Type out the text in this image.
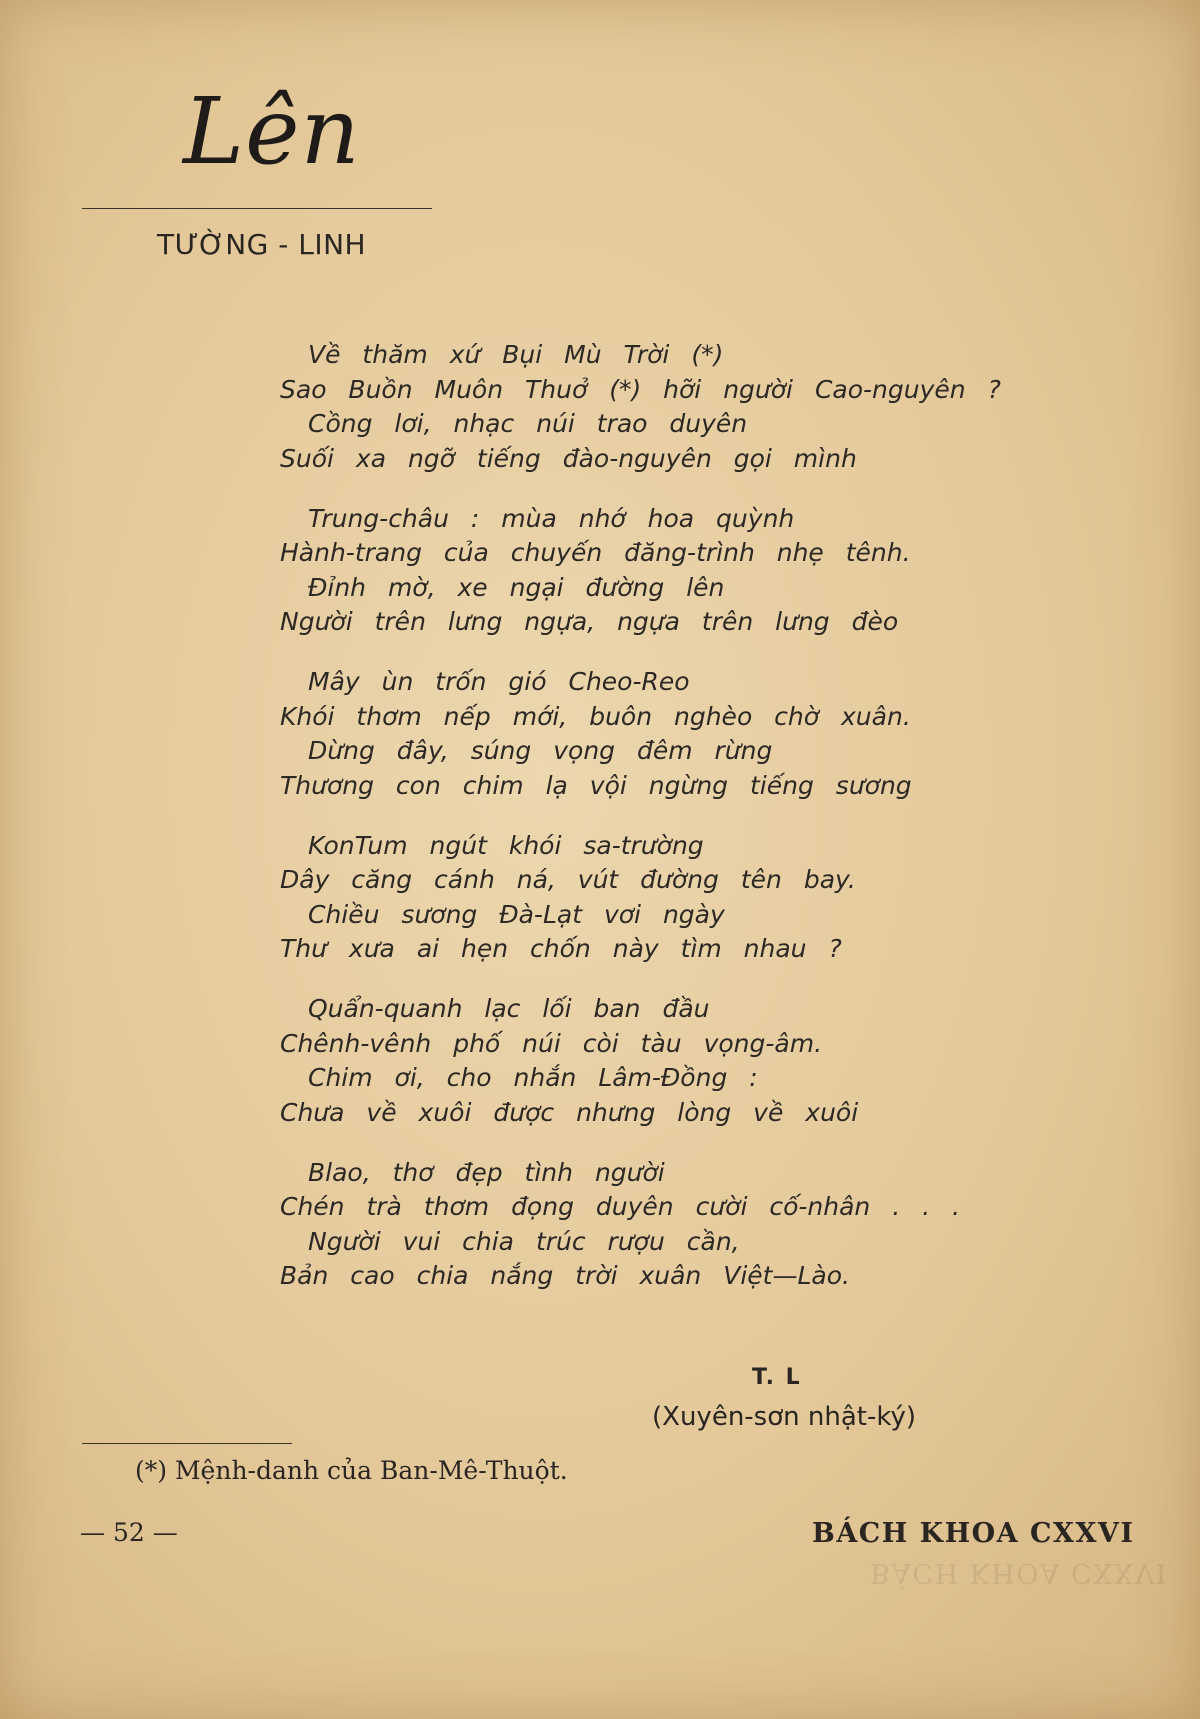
Lên
TƯỜNG - LINH
Về thăm xứ Bụi Mù Trời (*)
Sao Buồn Muôn Thuở (*) hỡi người Cao-nguyên ?
Cồng lơi, nhạc núi trao duyên
Suối xa ngỡ tiếng đào-nguyên gọi mình
Trung-châu : mùa nhớ hoa quỳnh
Hành-trang của chuyến đăng-trình nhẹ tênh.
Đỉnh mờ, xe ngại đường lên
Người trên lưng ngựa, ngựa trên lưng đèo
Mây ùn trốn gió Cheo-Reo
Khói thơm nếp mới, buôn nghèo chờ xuân.
Dừng đây, súng vọng đêm rừng
Thương con chim lạ vội ngừng tiếng sương
KonTum ngút khói sa-trường
Dây căng cánh ná, vút đường tên bay.
Chiều sương Đà-Lạt vơi ngày
Thư xưa ai hẹn chốn này tìm nhau ?
Quẩn-quanh lạc lối ban đầu
Chênh-vênh phố núi còi tàu vọng-âm.
Chim ơi, cho nhắn Lâm-Đồng :
Chưa về xuôi được nhưng lòng về xuôi
Blao, thơ đẹp tình người
Chén trà thơm đọng duyên cười cố-nhân . . .
Người vui chia trúc rượu cần,
Bản cao chia nắng trời xuân Việt—Lào.
T. L
(Xuyên-sơn nhật-ký)
(*) Mệnh-danh của Ban-Mê-Thuột.
— 52 —	BÁCH KHOA CXXVI
BÁCH KHOA CXXVI
